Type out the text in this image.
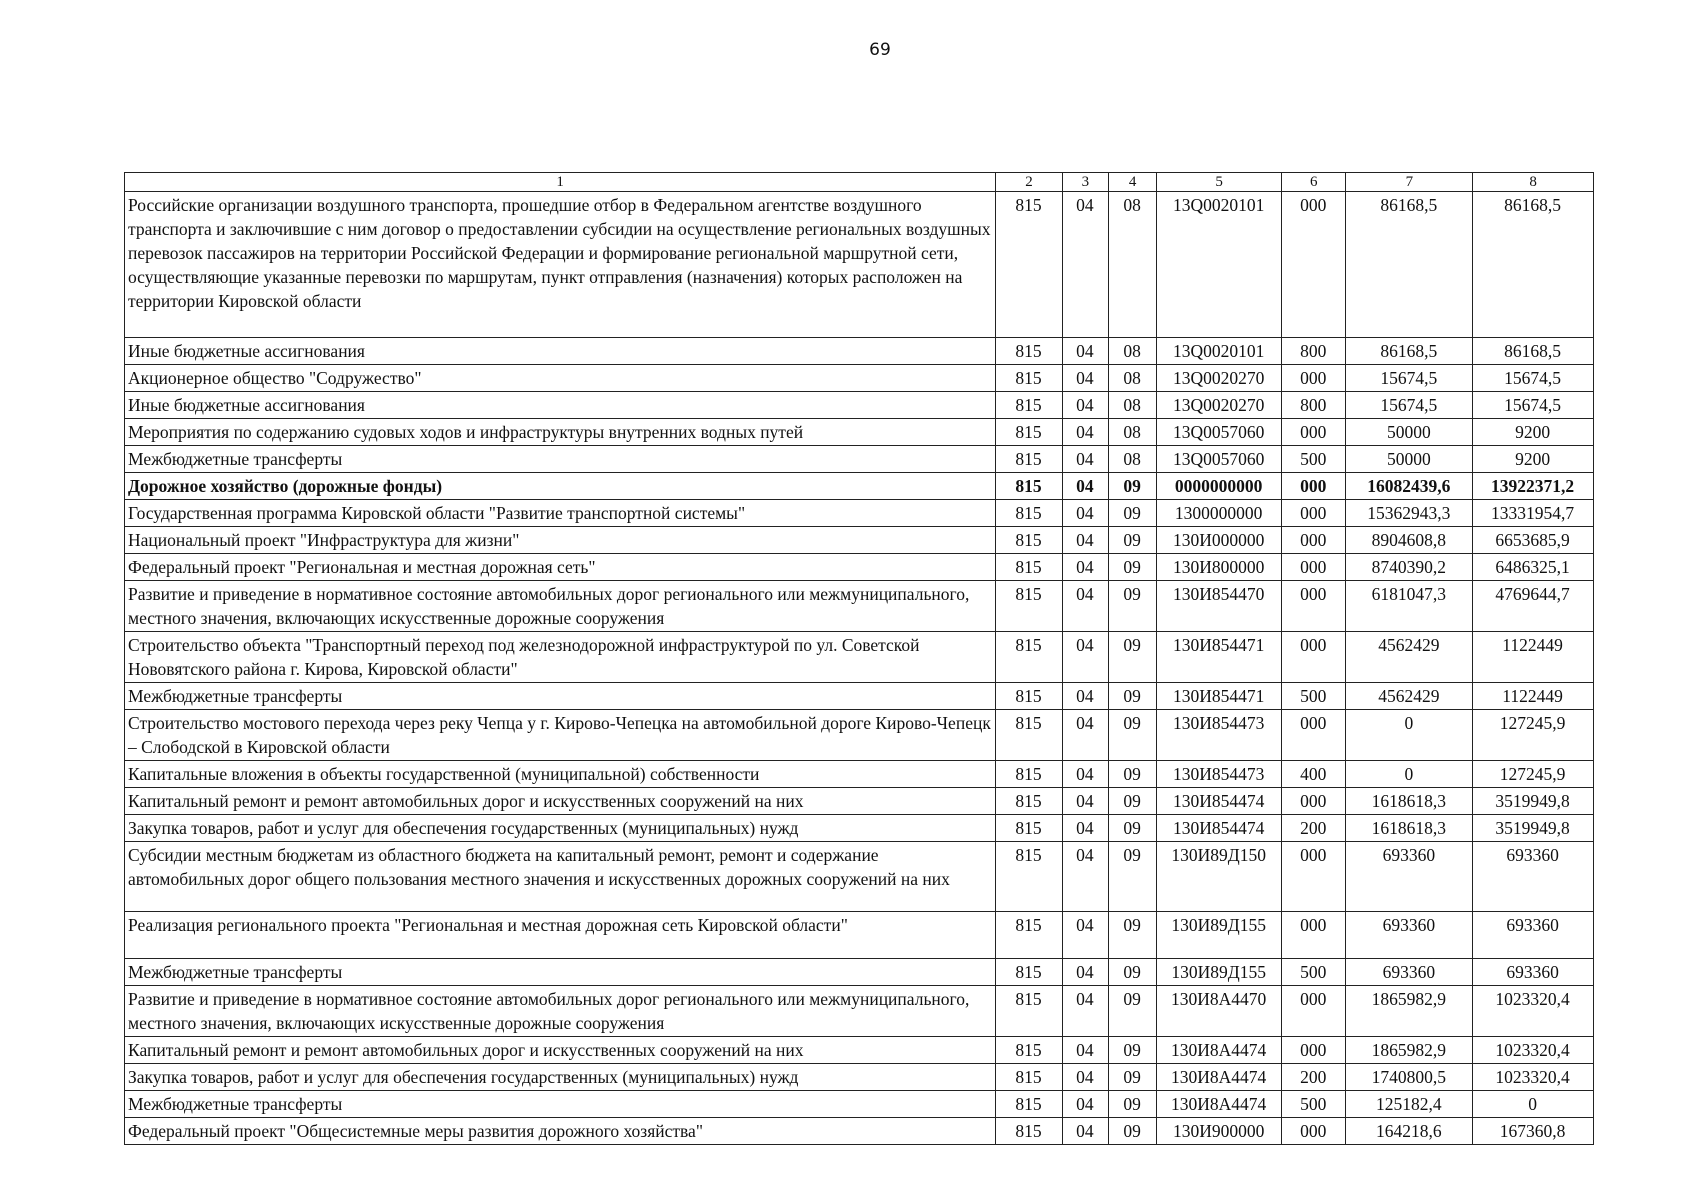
69
1	2	3	4	5	6	7	8
Российские организации воздушного транспорта, прошедшие отбор в Федеральном агентстве воздушного транспорта и заключившие с ним договор о предоставлении субсидии на осуществление региональных воздушных перевозок пассажиров на территории Российской Федерации и формирование региональной маршрутной сети, осуществляющие указанные перевозки по маршрутам, пункт отправления (назначения) которых расположен на территории Кировской области	815	04	08	13Q0020101	000	86168,5	86168,5
Иные бюджетные ассигнования	815	04	08	13Q0020101	800	86168,5	86168,5
Акционерное общество "Содружество"	815	04	08	13Q0020270	000	15674,5	15674,5
Иные бюджетные ассигнования	815	04	08	13Q0020270	800	15674,5	15674,5
Мероприятия по содержанию судовых ходов и инфраструктуры внутренних водных путей	815	04	08	13Q0057060	000	50000	9200
Межбюджетные трансферты	815	04	08	13Q0057060	500	50000	9200
Дорожное хозяйство (дорожные фонды)	815	04	09	0000000000	000	16082439,6	13922371,2
Государственная программа Кировской области "Развитие транспортной системы"	815	04	09	1300000000	000	15362943,3	13331954,7
Национальный проект "Инфраструктура для жизни"	815	04	09	130И000000	000	8904608,8	6653685,9
Федеральный проект "Региональная и местная дорожная сеть"	815	04	09	130И800000	000	8740390,2	6486325,1
Развитие и приведение в нормативное состояние автомобильных дорог регионального или межмуниципального, местного значения, включающих искусственные дорожные сооружения	815	04	09	130И854470	000	6181047,3	4769644,7
Строительство объекта "Транспортный переход под железнодорожной инфраструктурой по ул. Советской Нововятского района г. Кирова, Кировской области"	815	04	09	130И854471	000	4562429	1122449
Межбюджетные трансферты	815	04	09	130И854471	500	4562429	1122449
Строительство мостового перехода через реку Чепца у г. Кирово-Чепецка на автомобильной дороге Кирово-Чепецк – Слободской в Кировской области	815	04	09	130И854473	000	0	127245,9
Капитальные вложения в объекты государственной (муниципальной) собственности	815	04	09	130И854473	400	0	127245,9
Капитальный ремонт и ремонт автомобильных дорог и искусственных сооружений на них	815	04	09	130И854474	000	1618618,3	3519949,8
Закупка товаров, работ и услуг для обеспечения государственных (муниципальных) нужд	815	04	09	130И854474	200	1618618,3	3519949,8
Субсидии местным бюджетам из областного бюджета на капитальный ремонт, ремонт и содержание автомобильных дорог общего пользования местного значения и искусственных дорожных сооружений на них	815	04	09	130И89Д150	000	693360	693360
Реализация регионального проекта "Региональная и местная дорожная сеть Кировской области"	815	04	09	130И89Д155	000	693360	693360
Межбюджетные трансферты	815	04	09	130И89Д155	500	693360	693360
Развитие и приведение в нормативное состояние автомобильных дорог регионального или межмуниципального, местного значения, включающих искусственные дорожные сооружения	815	04	09	130И8А4470	000	1865982,9	1023320,4
Капитальный ремонт и ремонт автомобильных дорог и искусственных сооружений на них	815	04	09	130И8А4474	000	1865982,9	1023320,4
Закупка товаров, работ и услуг для обеспечения государственных (муниципальных) нужд	815	04	09	130И8А4474	200	1740800,5	1023320,4
Межбюджетные трансферты	815	04	09	130И8А4474	500	125182,4	0
Федеральный проект "Общесистемные меры развития дорожного хозяйства"	815	04	09	130И900000	000	164218,6	167360,8
